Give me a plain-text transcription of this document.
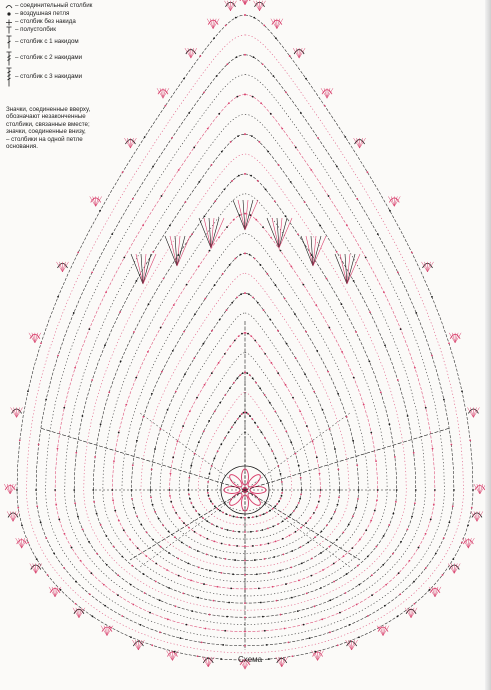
– соединительный столбик
– воздушная петля
– столбик без накида
– полустолбик
– столбик с 1 накидом
– столбик с 2 накидами
– столбик с 3 накидами
Значки, соединенные вверху,
обозначают незаконченные
столбики, связанные вместе;
значки, соединенные внизу,
– столбики на одной петле
основания.
Схема
